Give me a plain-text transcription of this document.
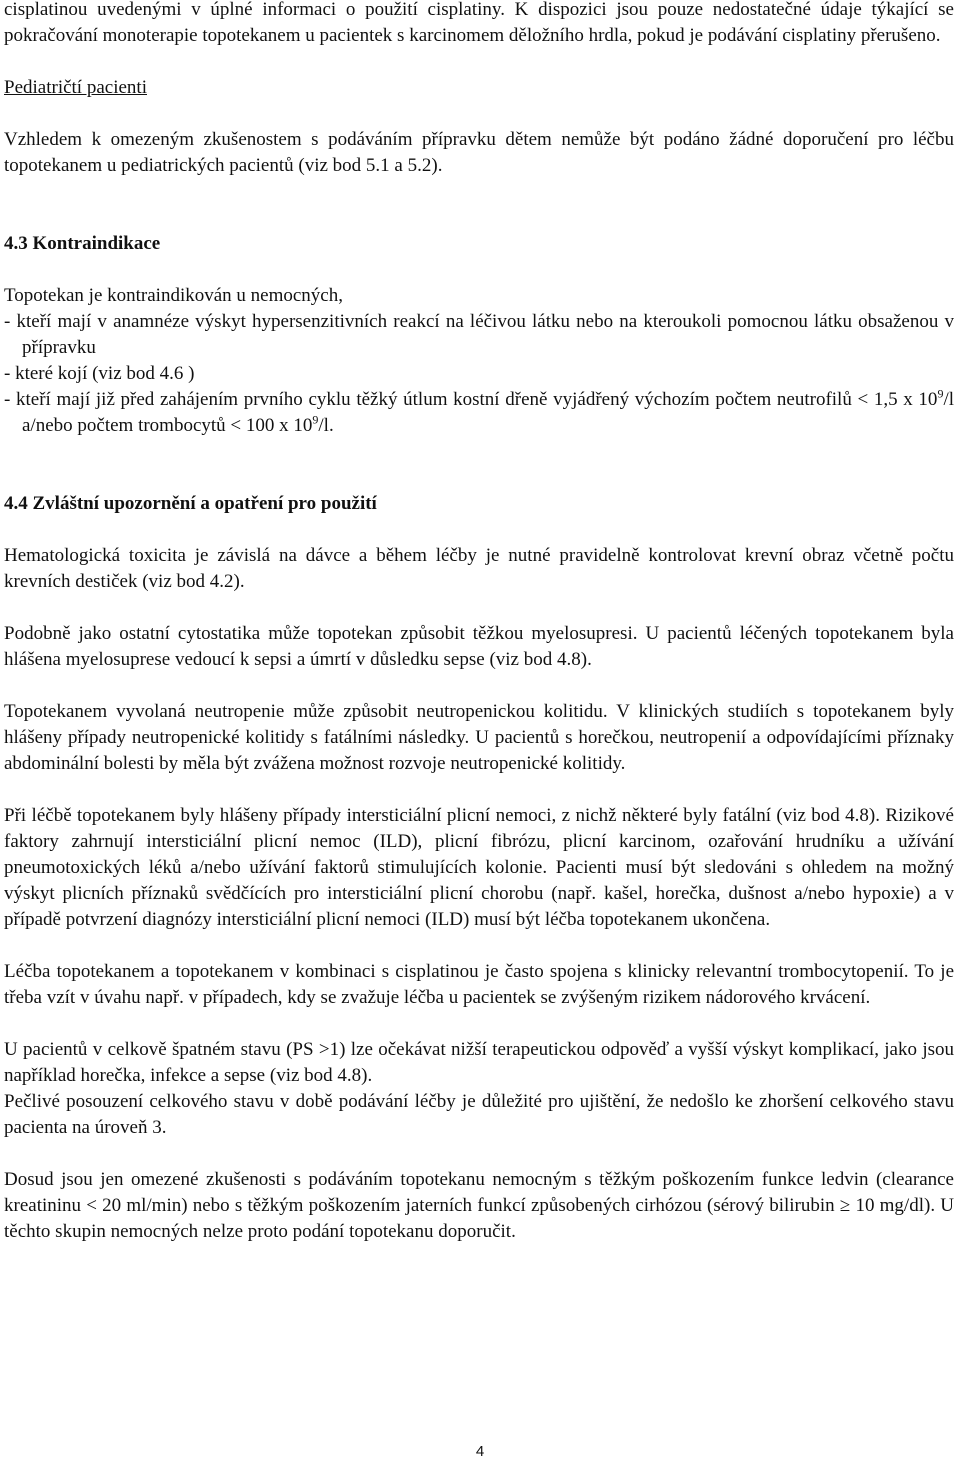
cisplatinou uvedenými v úplné informaci o použití cisplatiny. K dispozici jsou pouze nedostatečné údaje týkající se pokračování monoterapie topotekanem u pacientek s karcinomem děložního hrdla, pokud je podávání cisplatiny přerušeno.

Pediatričtí pacienti

Vzhledem k omezeným zkušenostem s podáváním přípravku dětem nemůže být podáno žádné doporučení pro léčbu topotekanem u pediatrických pacientů (viz bod 5.1 a 5.2).

4.3 Kontraindikace

Topotekan je kontraindikován u nemocných,

- kteří mají v anamnéze výskyt hypersenzitivních reakcí na léčivou látku nebo na kteroukoli pomocnou látku obsaženou v přípravku

- které kojí (viz bod 4.6 )

- kteří mají již před zahájením prvního cyklu těžký útlum kostní dřeně vyjádřený výchozím počtem neutrofilů < 1,5 x $10^9/l$ a/nebo počtem trombocytů < 100 x $10^9/l$.

4.4 Zvláštní upozornění a opatření pro použití

Hematologická toxicita je závislá na dávce a během léčby je nutné pravidelně kontrolovat krevní obraz včetně počtu krevních destiček (viz bod 4.2).

Podobně jako ostatní cytostatika může topotekan způsobit těžkou myelosupresi. U pacientů léčených topotekanem byla hlášena myelosuprese vedoucí k sepsi a úmrtí v důsledku sepse (viz bod 4.8).

Topotekanem vyvolaná neutropenie může způsobit neutropenickou kolitidu. V klinických studiích s topotekanem byly hlášeny případy neutropenické kolitidy s fatálními následky. U pacientů s horečkou, neutropenií a odpovídajícími příznaky abdominální bolesti by měla být zvážena možnost rozvoje neutropenické kolitidy.

Při léčbě topotekanem byly hlášeny případy intersticiální plicní nemoci, z nichž některé byly fatální (viz bod 4.8). Rizikové faktory zahrnují intersticiální plicní nemoc (ILD), plicní fibrózu, plicní karcinom, ozařování hrudníku a užívání pneumotoxických léků a/nebo užívání faktorů stimulujících kolonie. Pacienti musí být sledováni s ohledem na možný výskyt plicních příznaků svědčících pro intersticiální plicní chorobu (např. kašel, horečka, dušnost a/nebo hypoxie) a v případě potvrzení diagnózy intersticiální plicní nemoci (ILD) musí být léčba topotekanem ukončena.

Léčba topotekanem a topotekanem v kombinaci s cisplatinou je často spojena s klinicky relevantní trombocytopenií. To je třeba vzít v úvahu např. v případech, kdy se zvažuje léčba u pacientek se zvýšeným rizikem nádorového krvácení.

U pacientů v celkově špatném stavu (PS >1) lze očekávat nižší terapeutickou odpověď a vyšší výskyt komplikací, jako jsou například horečka, infekce a sepse (viz bod 4.8).

Pečlivé posouzení celkového stavu v době podávání léčby je důležité pro ujištění, že nedošlo ke zhoršení celkového stavu pacienta na úroveň 3.

Dosud jsou jen omezené zkušenosti s podáváním topotekanu nemocným s těžkým poškozením funkce ledvin (clearance kreatininu < 20 ml/min) nebo s těžkým poškozením jaterních funkcí způsobených cirhózou (sérový bilirubin ≥ 10 mg/dl). U těchto skupin nemocných nelze proto podání topotekanu doporučit.

4
